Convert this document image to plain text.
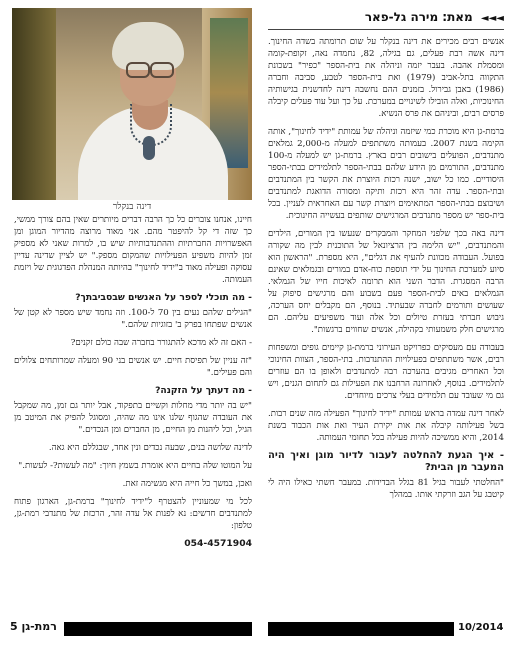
דינה בנקלר
◄◄◄ מאת: מירה גל-פאר

אנשים רבים מכירים את דינה בנקלר על שום תרומתה בשדה החינוך. דינה אשה רבת פעלים, גם בגילה, 82, נחמדה נאה, זקופת-קומה ומסמלת אהבה. בעבר יזמה וניהלה את בית-הספר "כפיר" בשכונת התקווה בתל-אביב (1979) ואת בית-הספר לטבע, סביבה וחברה (1986) באבן גבירול. בזמנים ההם נחשבה דינה לחדשנית בגישותיה החינוכיות, ואלה הובילו לשינויים במערכת. על כך ועל עוד פעלים קיבלה פרסים רבים, וביניהם את פרס הנשיא.

ברמת-גן היא מוכרת כמי שיזמה וניהלה של עמותת "ידיד לחינוך", אותה הקימה בשנת 2007. בעמותה משתתפים למעלה מ-2,000 גמלאים מתנדבים, הפועלים בישובים רבים בארץ. ברמת-גן יש למעלה מ-100 מתנדבים, התורמים מן הידע שלהם בבתי-הספר לתלמידים בבתי-הספר היסודיים. כמו כל ישוב, ישנה רכזת היוצרת את הקשר בין המתנדבים ובתי-הספר. עדה זהר היא רכזת ותיקה ומסורה הדואגת למתנדבים ושיבוצם בבתי-הספר המתאימים ויוצרת קשר עם האחראית לעניין. בכל בית-ספר יש מספר מתנדבים המרגישים שותפים בעשייה החינוכית.

דינה באה בכך שלפני המחקר והמבקרים שנעשו בין המורים, הילדים והמתנדבים, "יש הלימה בין הרציונאל של התוכנית לבין מה שקורה בפועל. העבודה מכוונת להעיף את דגלים", היא מספרת. "הראשון הוא סיוע למערכת החינוך על ידי תוספת כוח-אדם במורים ובגמלאים שאינם הרבה המסגרת. הדבר השני הוא תרומה לאיכות חייו של הגמלאי. הגמלאים באים לבית-הספר פעם בשבוע והם מרגישים סיפוק על שעושים ותורמים לחברה שבעתיד. בנוסף, הם מקבלים יחס הערכה, גיבוש חברתי בעזרת טיולים וכל אלה ועוד משפיעים עליהם. הם מרגישים חלק משמעותי בקהילה, אנשים שחווים ברגשות".

בעבודה עם מעסיקים כפרויקט העירוני ברמת-גן קיימים גופים ומשפחות רבים, אשר משתתפים בפעילויות ההתנדבות. בתי-הספר, הצוות החינוכי וכל האחרים מגיבים בהערכה רבה למתנדבים ולאופן בו הם עוזרים לתלמידים. בנוסף, לאחרונה הרחבנו את הפעילות גם לתחום הגנים, ויש גם מי שעובד עם תלמידים בעלי צרכים מיוחדים.

לאחר דינה עמדה בראש עמותת "ידיד לחינוך" הפעילה מזה שנים רבות. בשל פעילותה קיבלה את אות יקירת העיר ואת אות הכבוד בשנת 2014, והיא ממשיכה להיות פעילה בכל תחומי העמותה.

- איך הגעת להחלטה לעבור לדיור מוגן ואיך היה המעבר מן הבית?

"החלטתי לעבור בגיל 81 בגלל הבדידות. במעבר חשתי כאילו היה לי קיטבג על הגב וזרקתי אותו. במהלך

חיינו, אנחנו צוברים כל כך הרבה דברים מיותרים שאין בהם צורך ממשי, כך שזה די קל להיפטר מהם. אני מאוד מרוצה מהדיור המוגן ומן האפשרויות החברתיות וההתנדבותיות שיש בו, למרות שאני לא מספיק זמן להיות משפיע הפעילויות שהמקום מספק." יש לציין שדינה עדיין עסוקה ופעילה מאוד ב"ידיד לחינוך" בהיותה המנהלת הפדגוגית של ויזמת העמותה.

- מה תוכלי לספר על האנשים שבסביבתך?

"הגילים שלהם נעים בין 70 ל-100. וזה נחמד שיש מספר לא קטן של אנשים שפתחו בפרק ב' בזוגיות שלהם."

- האם זה לא מדכא להתגורר בחברה שבה כולם זקנים?

"זה עניין של תפיסת חיים. יש אנשים בני 90 ומעלה שמרותחים צלולים והם פעילים."

- מה דעתך על הזקנה?

"יש בה יותר מדי מחלות וקשיים בתפקוד, אבל יותר גם זמן, מה שמקבל את העובדה שהגוף שלנו אינו מה שהיה, ומסוגל להפיק את המיטב מן הגיל, וכל ליהנות מן החיים, מן החברים ומן הנכדים."

לדינה שלושה בנים, שבעה נכדים ונין אחד, שבגללם היא גאה.

על המוטו שלה בחיים היא אומרת בשמץ חיוך: "מה לעשות?- לעשות."

ואכן, במשך כל חייה היא מגשימה זאת.

לכל מי שמעוניין להצטרף ל"ידיד לחינוך" ברמת-גן, הארגון פתוח למתנדבים חדשים: נא לפנות אל עדה זהר, הרכזת של מתנדבי רמת-גן, טלפון:

054-4571904
רמת-גן 5	10/2014
